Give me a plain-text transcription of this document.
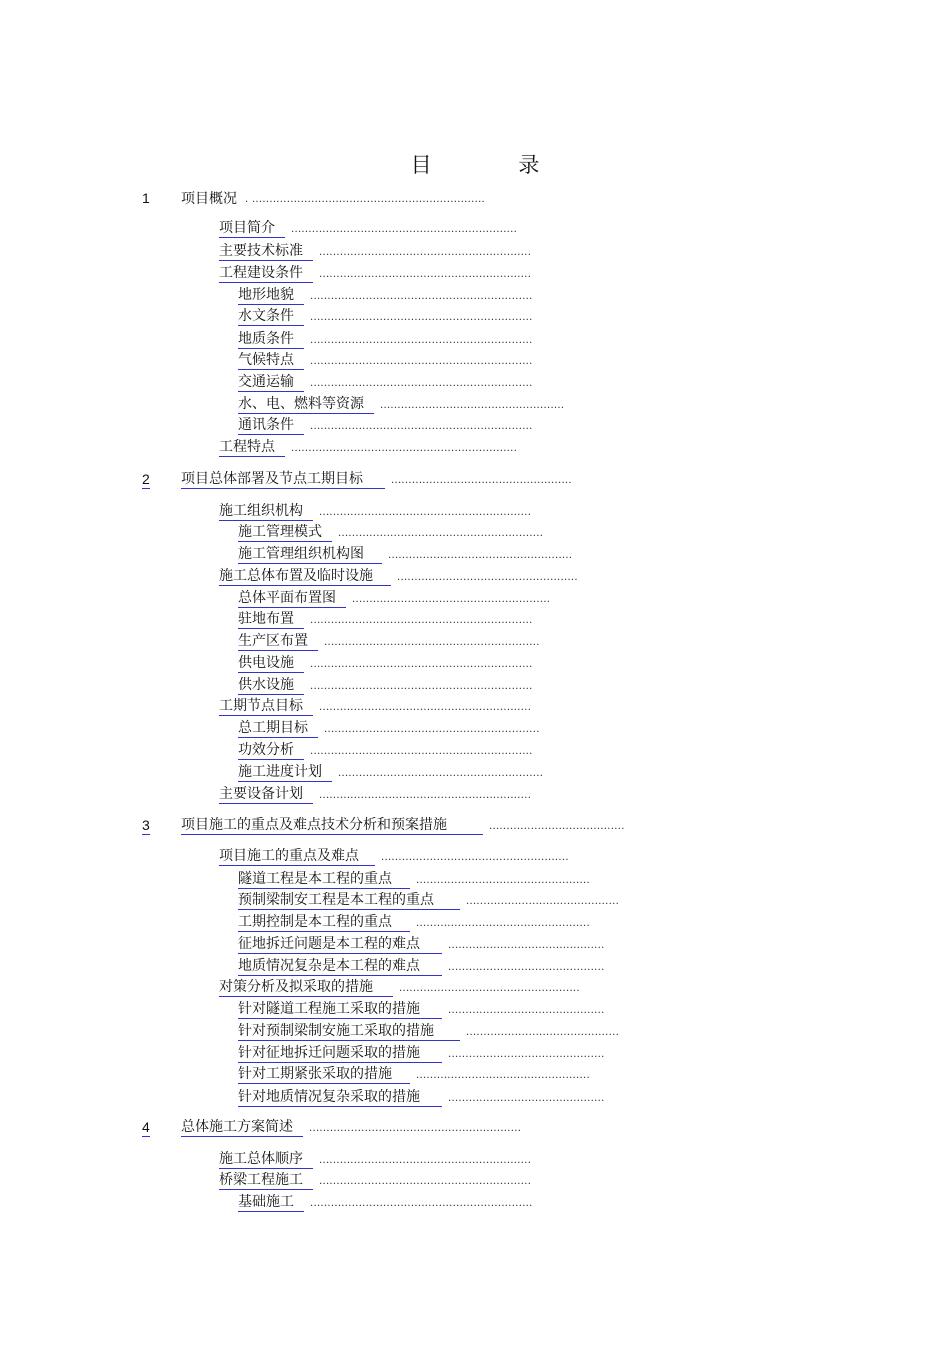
目 录
1 项目概况 . ...................................................................
项目简介	.................................................................
主要技术标准	.............................................................
工程建设条件	.............................................................
地形地貌	................................................................
水文条件	................................................................
地质条件	................................................................
气候特点	................................................................
交通运输	................................................................
水、电、燃料等资源	.....................................................
通讯条件	................................................................
工程特点	.................................................................
2 项目总体部署及节点工期目标	....................................................
施工组织机构	.............................................................
施工管理模式	...........................................................
施工管理组织机构图	.....................................................
施工总体布置及临时设施	....................................................
总体平面布置图	.........................................................
驻地布置	................................................................
生产区布置	..............................................................
供电设施	................................................................
供水设施	................................................................
工期节点目标	.............................................................
总工期目标	..............................................................
功效分析	................................................................
施工进度计划	...........................................................
主要设备计划	.............................................................
3 项目施工的重点及难点技术分析和预案措施	.......................................
项目施工的重点及难点	......................................................
隧道工程是本工程的重点	..................................................
预制梁制安工程是本工程的重点	............................................
工期控制是本工程的重点	..................................................
征地拆迁问题是本工程的难点	.............................................
地质情况复杂是本工程的难点	.............................................
对策分析及拟采取的措施	....................................................
针对隧道工程施工采取的措施	.............................................
针对预制梁制安施工采取的措施	............................................
针对征地拆迁问题采取的措施	.............................................
针对工期紧张采取的措施	..................................................
针对地质情况复杂采取的措施	.............................................
4 总体施工方案简述	.............................................................
施工总体顺序	.............................................................
桥梁工程施工	.............................................................
基础施工	................................................................
